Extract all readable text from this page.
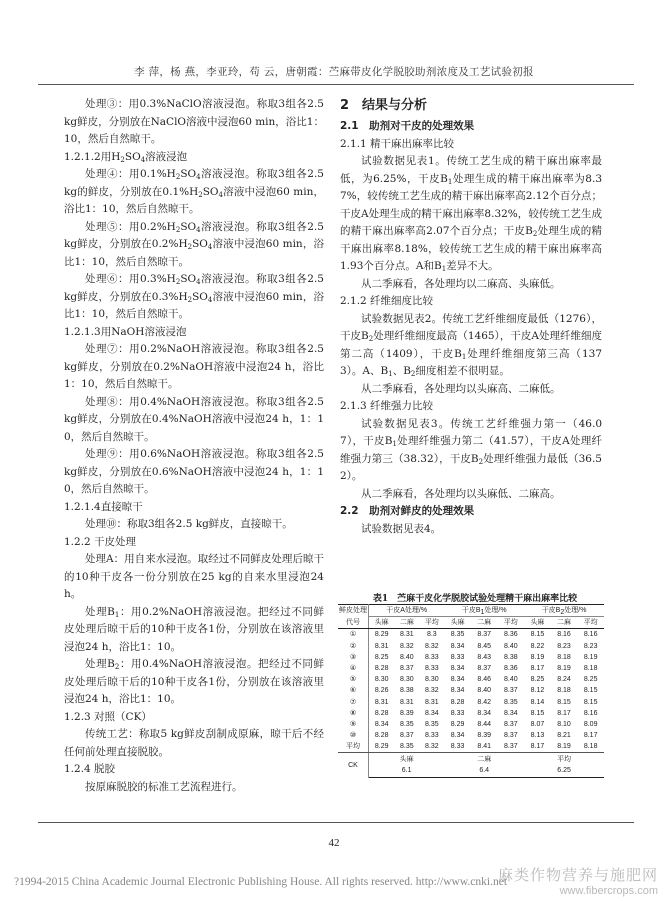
李 萍，杨 燕，李亚玲，苟 云，唐朝霞：苎麻带皮化学脱胶助剂浓度及工艺试验初报
处理③：用0.3%NaClO溶液浸泡。称取3组各2.5 kg鲜皮，分别放在NaClO溶液中浸泡60 min，浴比1：10，然后自然晾干。
1.2.1.2用$H_2SO_4$溶液浸泡
处理④：用$0.1\%H_2SO_4$溶液浸泡。称取3组各2.5 kg的鲜皮，分别放在$0.1\%H_2SO_4$溶液中浸泡60 min，浴比1：10，然后自然晾干。
处理⑤：用$0.2\%H_2SO_4$溶液浸泡。称取3组各2.5 kg鲜皮，分别放在$0.2\%H_2SO_4$溶液中浸泡60 min，浴比1：10，然后自然晾干。
处理⑥：用$0.3\%H_2SO_4$溶液浸泡。称取3组各2.5 kg鲜皮，分别放在$0.3\%H_2SO_4$溶液中浸泡60 min，浴比1：10，然后自然晾干。
1.2.1.3用NaOH溶液浸泡
处理⑦：用0.2%NaOH溶液浸泡。称取3组各2.5 kg鲜皮，分别放在0.2%NaOH溶液中浸泡24 h，浴比1：10，然后自然晾干。
处理⑧：用0.4%NaOH溶液浸泡。称取3组各2.5 kg鲜皮，分别放在0.4%NaOH溶液中浸泡24 h，1：10，然后自然晾干。
处理⑨：用0.6%NaOH溶液浸泡。称取3组各2.5 kg鲜皮，分别放在0.6%NaOH溶液中浸泡24 h，1：10，然后自然晾干。
1.2.1.4直接晾干
处理⑩：称取3组各2.5 kg鲜皮，直接晾干。
1.2.2 干皮处理
处理A：用自来水浸泡。取经过不同鲜皮处理后晾干的10种干皮各一份分别放在25 kg的自来水里浸泡24 h。
处理$B_1$：用0.2%NaOH溶液浸泡。把经过不同鲜皮处理后晾干后的10种干皮各1份，分别放在该溶液里浸泡24 h，浴比1：10。
处理$B_2$：用0.4%NaOH溶液浸泡。把经过不同鲜皮处理后晾干后的10种干皮各1份，分别放在该溶液里浸泡24 h，浴比1：10。
1.2.3 对照（CK）
传统工艺：称取5 kg鲜皮刮制成原麻，晾干后不经任何前处理直接脱胶。
1.2.4 脱胶
按原麻脱胶的标准工艺流程进行。
2　结果与分析
2.1　助剂对干皮的处理效果
2.1.1 精干麻出麻率比较
试验数据见表1。传统工艺生成的精干麻出麻率最低，为6.25%，干皮$B_1$处理生成的精干麻出麻率为8.37%，较传统工艺生成的精干麻出麻率高2.12个百分点；干皮A处理生成的精干麻出麻率8.32%，较传统工艺生成的精干麻出麻率高2.07个百分点；干皮$B_2$处理生成的精干麻出麻率8.18%，较传统工艺生成的精干麻出麻率高1.93个百分点。A和$B_1$差异不大。
从二季麻看，各处理均以二麻高、头麻低。
2.1.2 纤维细度比较
试验数据见表2。传统工艺纤维细度最低（1276），干皮$B_2$处理纤维细度最高（1465），干皮A处理纤维细度第二高（1409），干皮$B_1$处理纤维细度第三高（1373）。A、$B_1$、$B_2$细度相差不很明显。
从二季麻看，各处理均以头麻高、二麻低。
2.1.3 纤维强力比较
试验数据见表3。传统工艺纤维强力第一（46.07），干皮$B_1$处理纤维强力第二（41.57），干皮A处理纤维强力第三（38.32），干皮$B_2$处理纤维强力最低（36.52）。
从二季麻看，各处理均以头麻低、二麻高。
2.2　助剂对鲜皮的处理效果
试验数据见表4。
表1　苎麻干皮化学脱胶试验处理精干麻出麻率比较
鲜皮处理	干皮A处理/%			干皮$B_1$处理/%			干皮$B_2$处理/%		
代号	头麻	二麻	平均	头麻	二麻	平均	头麻	二麻	平均
①	8.29	8.31	8.3	8.35	8.37	8.36	8.15	8.16	8.16
②	8.31	8.32	8.32	8.34	8.45	8.40	8.22	8.23	8.23
③	8.25	8.40	8.33	8.33	8.43	8.38	8.19	8.18	8.19
④	8.28	8.37	8.33	8.34	8.37	8.36	8.17	8.19	8.18
⑤	8.30	8.30	8.30	8.34	8.46	8.40	8.25	8.24	8.25
⑥	8.26	8.38	8.32	8.34	8.40	8.37	8.12	8.18	8.15
⑦	8.31	8.31	8.31	8.28	8.42	8.35	8.14	8.15	8.15
⑧	8.28	8.39	8.34	8.33	8.34	8.34	8.15	8.17	8.16
⑨	8.34	8.35	8.35	8.29	8.44	8.37	8.07	8.10	8.09
⑩	8.28	8.37	8.33	8.34	8.39	8.37	8.13	8.21	8.17
平均	8.29	8.35	8.32	8.33	8.41	8.37	8.17	8.19	8.18
CK	头麻			二麻			平均		
	6.1			6.4			6.25		
42
?1994-2015 China Academic Journal Electronic Publishing House. All rights reserved. http://www.cnki.net
麻类作物营养与施肥网
www.fibercrops.com
